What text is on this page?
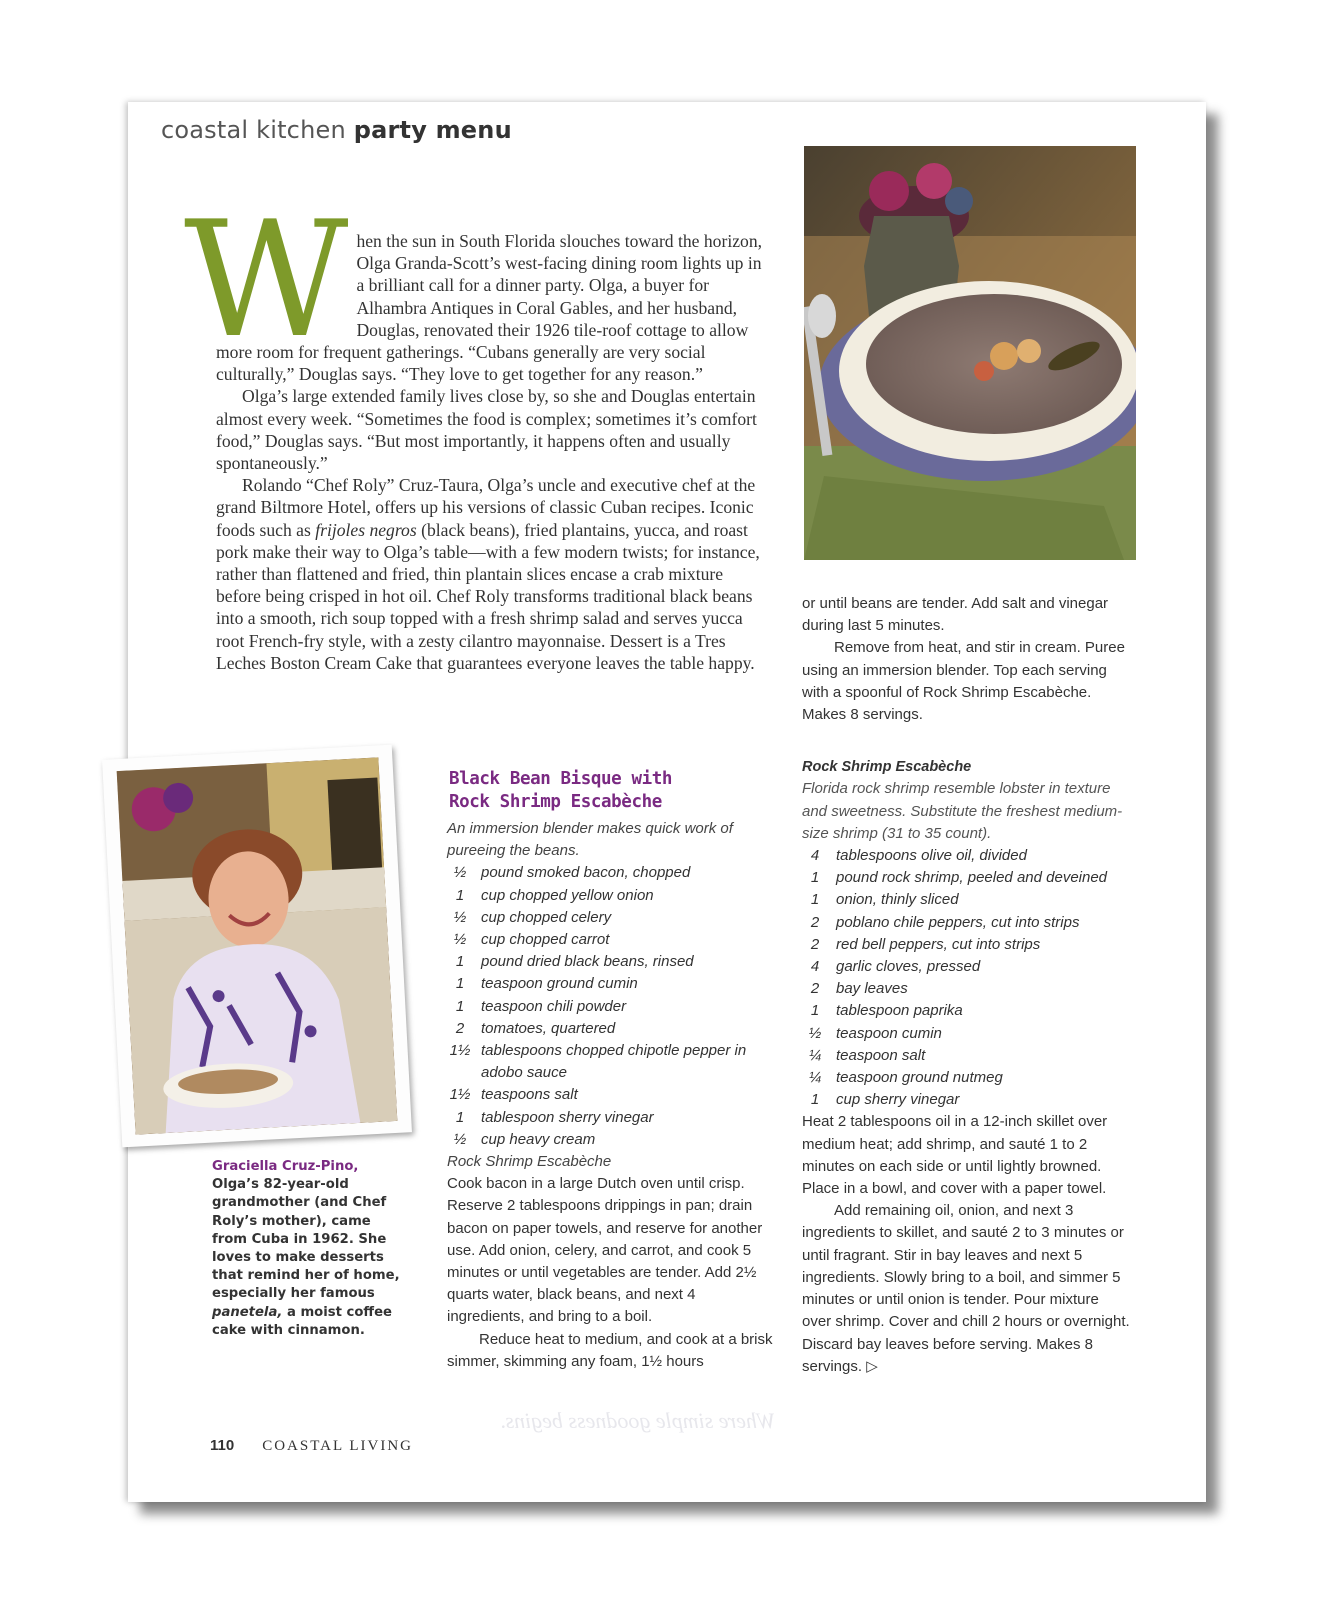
coastal kitchen party menu

When the sun in South Florida slouches toward the horizon, Olga Granda-Scott’s west-facing dining room lights up in a brilliant call for a dinner party. Olga, a buyer for Alhambra Antiques in Coral Gables, and her husband, Douglas, renovated their 1926 tile-roof cottage to allow more room for frequent gatherings. “Cubans generally are very social culturally,” Douglas says. “They love to get together for any reason.”

Olga’s large extended family lives close by, so she and Douglas entertain almost every week. “Sometimes the food is complex; sometimes it’s comfort food,” Douglas says. “But most importantly, it happens often and usually spontaneously.”

Rolando “Chef Roly” Cruz-Taura, Olga’s uncle and executive chef at the grand Biltmore Hotel, offers up his versions of classic Cuban recipes. Iconic foods such as frijoles negros (black beans), fried plantains, yucca, and roast pork make their way to Olga’s table—with a few modern twists; for instance, rather than flattened and fried, thin plantain slices encase a crab mixture before being crisped in hot oil. Chef Roly transforms traditional black beans into a smooth, rich soup topped with a fresh shrimp salad and serves yucca root French-fry style, with a zesty cilantro mayonnaise. Dessert is a Tres Leches Boston Cream Cake that guarantees everyone leaves the table happy.

Graciella Cruz-Pino, Olga’s 82-year-old grandmother (and Chef Roly’s mother), came from Cuba in 1962. She loves to make desserts that remind her of home, especially her famous panetela, a moist coffee cake with cinnamon.
Black Bean Bisque with
Rock Shrimp Escabèche

An immersion blender makes quick work of pureeing the beans.

½ pound smoked bacon, chopped

1	cup chopped yellow onion

½ cup chopped celery

½ cup chopped carrot

1	pound dried black beans, rinsed

1	teaspoon ground cumin

1	teaspoon chili powder

2	tomatoes, quartered

1½ tablespoons chopped chipotle pepper in adobo sauce

1½ teaspoons salt

1	tablespoon sherry vinegar

½ cup heavy cream

Rock Shrimp Escabèche

Cook bacon in a large Dutch oven until crisp. Reserve 2 tablespoons drippings in pan; drain bacon on paper towels, and reserve for another use. Add onion, celery, and carrot, and cook 5 minutes or until vegetables are tender. Add 2½ quarts water, black beans, and next 4 ingredients, and bring to a boil.

Reduce heat to medium, and cook at a brisk simmer, skimming any foam, 1½ hours

or until beans are tender. Add salt and vinegar during last 5 minutes.

Remove from heat, and stir in cream. Puree using an immersion blender. Top each serving with a spoonful of Rock Shrimp Escabèche. Makes 8 servings.

Rock Shrimp Escabèche

Florida rock shrimp resemble lobster in texture and sweetness. Substitute the freshest medium-size shrimp (31 to 35 count).

4	tablespoons olive oil, divided

1	pound rock shrimp, peeled and deveined

1	onion, thinly sliced

2	poblano chile peppers, cut into strips

2	red bell peppers, cut into strips

4	garlic cloves, pressed

2	bay leaves

1	tablespoon paprika

½ teaspoon cumin

¼ teaspoon salt

¼ teaspoon ground nutmeg

1	cup sherry vinegar

Heat 2 tablespoons oil in a 12-inch skillet over medium heat; add shrimp, and sauté 1 to 2 minutes on each side or until lightly browned. Place in a bowl, and cover with a paper towel.

Add remaining oil, onion, and next 3 ingredients to skillet, and sauté 2 to 3 minutes or until fragrant. Stir in bay leaves and next 5 ingredients. Slowly bring to a boil, and simmer 5 minutes or until onion is tender. Pour mixture over shrimp. Cover and chill 2 hours or overnight. Discard bay leaves before serving. Makes 8 servings. ▷

Where simple goodness begins.
110 COASTAL LIVING
